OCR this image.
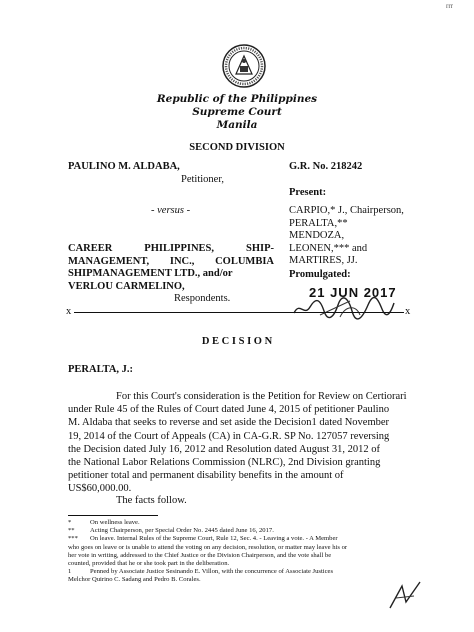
rrr
Republic of the Philippines
Supreme Court
Manila
SECOND DIVISION
PAULINO M. ALDABA,
Petitioner,
G.R. No. 218242
Present:
CARPIO,* J., Chairperson,
PERALTA,**
MENDOZA,
LEONEN,*** and
MARTIRES, JJ.
- versus -
CAREER PHILIPPINES, SHIP-
MANAGEMENT, INC., COLUMBIA
SHIPMANAGEMENT LTD., and/or
VERLOU CARMELINO,
Respondents.
Promulgated:
21 JUN 2017
x	x
D E C I S I O N
PERALTA, J.:
For this Court's consideration is the Petition for Review on Certiorari
under Rule 45 of the Rules of Court dated June 4, 2015 of petitioner Paulino
M. Aldaba that seeks to reverse and set aside the Decision1 dated November
19, 2014 of the Court of Appeals (CA) in CA-G.R. SP No. 127057 reversing
the Decision dated July 16, 2012 and Resolution dated August 31, 2012 of
the National Labor Relations Commission (NLRC), 2nd Division granting
petitioner total and permanent disability benefits in the amount of
US$60,000.00.
The facts follow.
*	On wellness leave.
** Acting Chairperson, per Special Order No. 2445 dated June 16, 2017.
*** On leave. Internal Rules of the Supreme Court, Rule 12, Sec. 4. - Leaving a vote. - A Member
who goes on leave or is unable to attend the voting on any decision, resolution, or matter may leave his or
her vote in writing, addressed to the Chief Justice or the Division Chairperson, and the vote shall be
counted, provided that he or she took part in the deliberation.
1	Penned by Associate Justice Sesinando E. Villon, with the concurrence of Associate Justices
Melchor Quirino C. Sadang and Pedro B. Corales.
